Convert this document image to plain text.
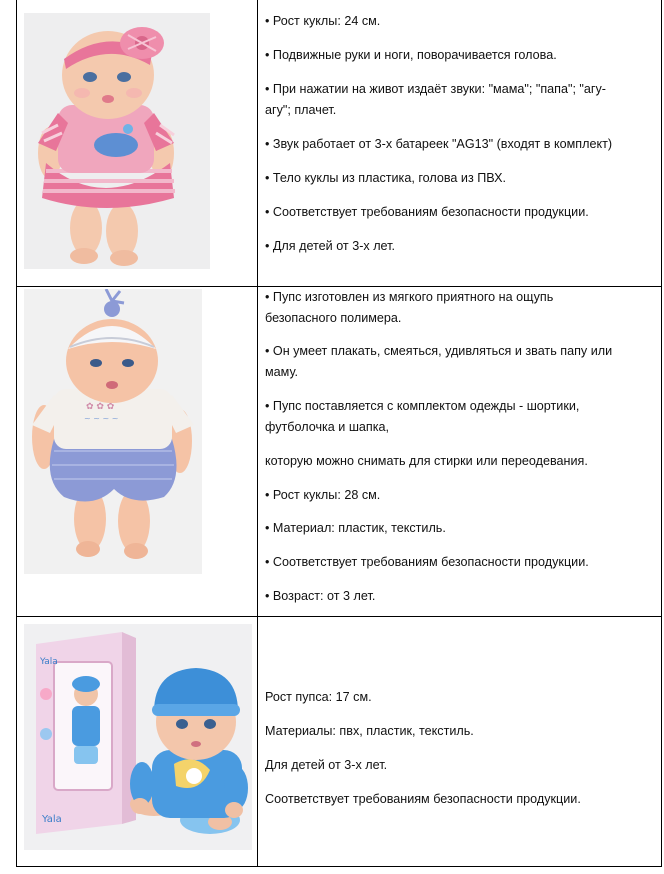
• Рост куклы: 24 см.
• Подвижные руки и ноги, поворачивается голова.
• При нажатии на живот издаёт звуки: "мама"; "папа"; "агу-
агу"; плачет.
• Звук работает от 3-х батареек "AG13" (входят в комплект)
• Тело куклы из пластика, голова из ПВХ.
• Соответствует требованиям безопасности продукции.
• Для детей от 3-х лет.
✿ ✿ ✿
~ ~ ~ ~
• Пупс изготовлен из мягкого приятного на ощупь
безопасного полимера.
• Он умеет плакать, смеяться, удивляться и звать папу или
маму.
• Пупс поставляется с комплектом одежды - шортики,
футболочка и шапка,
которую можно снимать для стирки или переодевания.
• Рост куклы: 28 см.
• Материал: пластик, текстиль.
• Соответствует требованиям безопасности продукции.
• Возраст: от 3 лет.
Yala
Yala
Рост пупса: 17 см.
Материалы: пвх, пластик, текстиль.
Для детей от 3-х лет.
Соответствует требованиям безопасности продукции.
